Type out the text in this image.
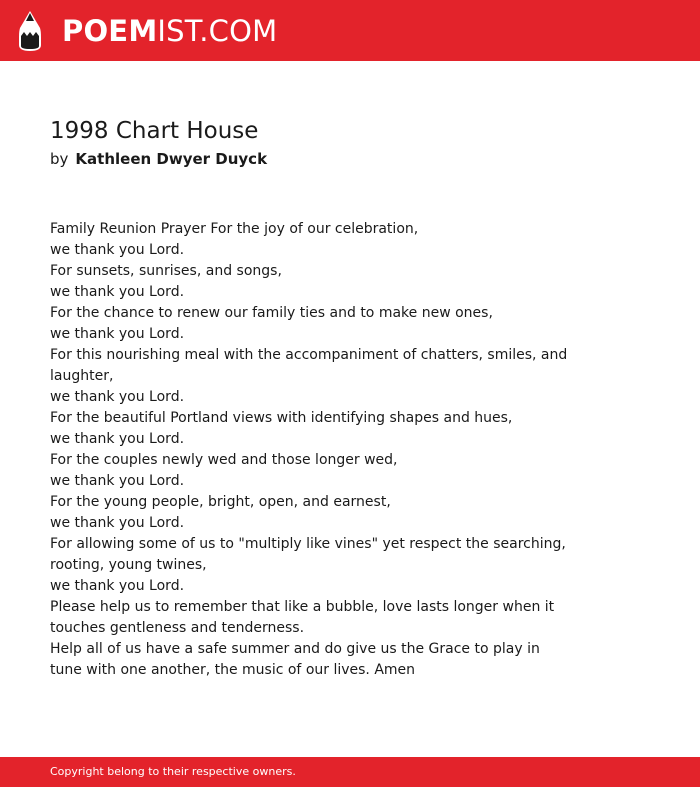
POEMIST.COM
1998 Chart House
by Kathleen Dwyer Duyck
Family Reunion Prayer For the joy of our celebration,
we thank you Lord.
For sunsets, sunrises, and songs,
we thank you Lord.
For the chance to renew our family ties and to make new ones,
we thank you Lord.
For this nourishing meal with the accompaniment of chatters, smiles, and laughter,
we thank you Lord.
For the beautiful Portland views with identifying shapes and hues,
we thank you Lord.
For the couples newly wed and those longer wed,
we thank you Lord.
For the young people, bright, open, and earnest,
we thank you Lord.
For allowing some of us to "multiply like vines" yet respect the searching, rooting, young twines,
we thank you Lord.
Please help us to remember that like a bubble, love lasts longer when it touches gentleness and tenderness.
Help all of us have a safe summer and do give us the Grace to play in tune with one another, the music of our lives. Amen
Copyright belong to their respective owners.
